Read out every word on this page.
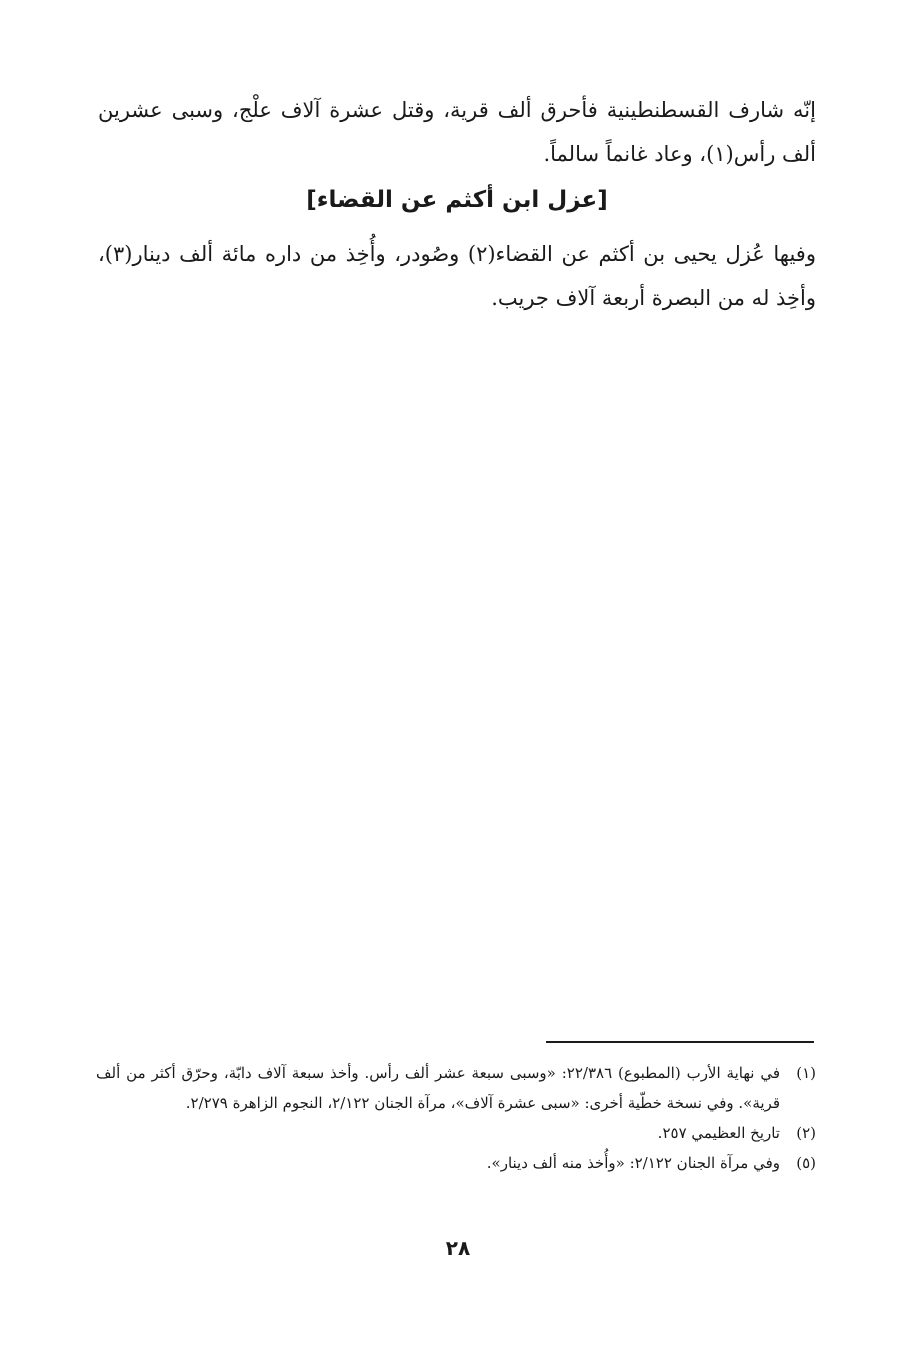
إنّه شارف القسطنطينية فأحرق ألف قرية، وقتل عشرة آلاف علْج، وسبى عشرين ألف رأس(١)، وعاد غانماً سالماً.

[عزل ابن أكثم عن القضاء]

وفيها عُزل يحيى بن أكثم عن القضاء(٢) وصُودر، وأُخِذ من داره مائة ألف دينار(٣)، وأخِذ له من البصرة أربعة آلاف جريب.

(١)
في نهاية الأرب (المطبوع) ٢٢/٣٨٦: «وسبى سبعة عشر ألف رأس. وأخذ سبعة آلاف دابّة، وحرّق أكثر من ألف قرية». وفي نسخة خطّية أخرى: «سبى عشرة آلاف»، مرآة الجنان ٢/١٢٢، النجوم الزاهرة ٢/٢٧٩.
(٢)
تاريخ العظيمي ٢٥٧.
(٥)
وفي مرآة الجنان ٢/١٢٢: «وأُخذ منه ألف دينار».
٢٨
